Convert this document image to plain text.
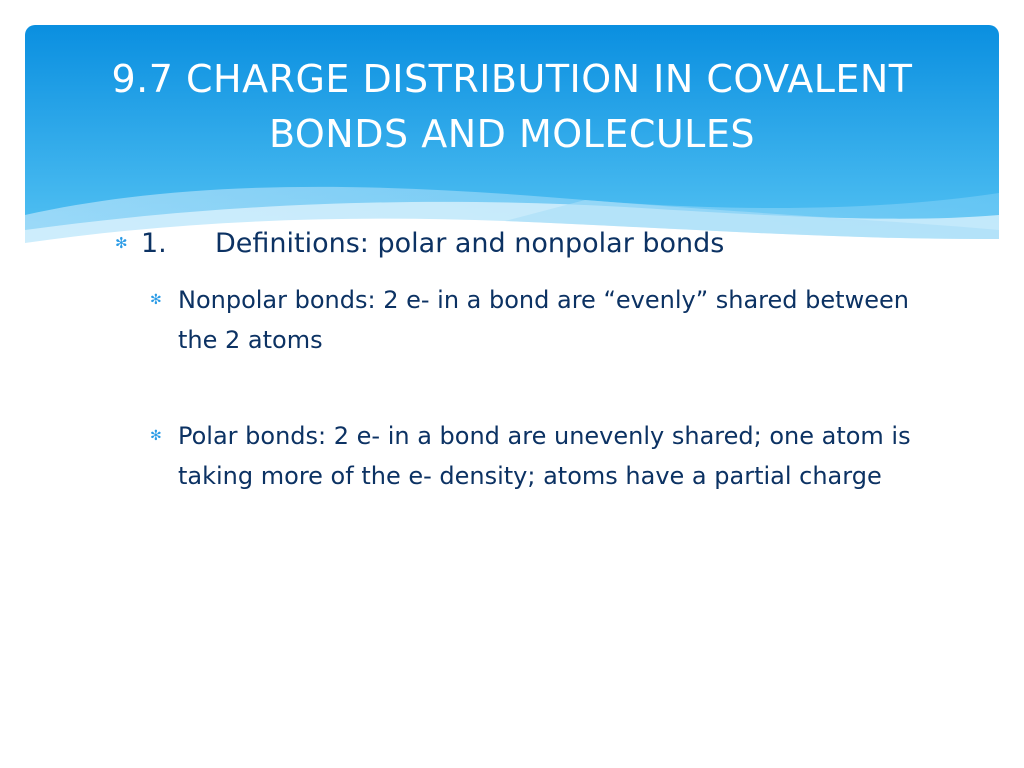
9.7 CHARGE DISTRIBUTION IN COVALENT
BONDS AND MOLECULES
✻ 1. Definitions: polar and nonpolar bonds
✻ Nonpolar bonds: 2 e- in a bond are “evenly” shared between the 2 atoms
✻ Polar bonds: 2 e- in a bond are unevenly shared; one atom is taking more of the e- density; atoms have a partial charge
